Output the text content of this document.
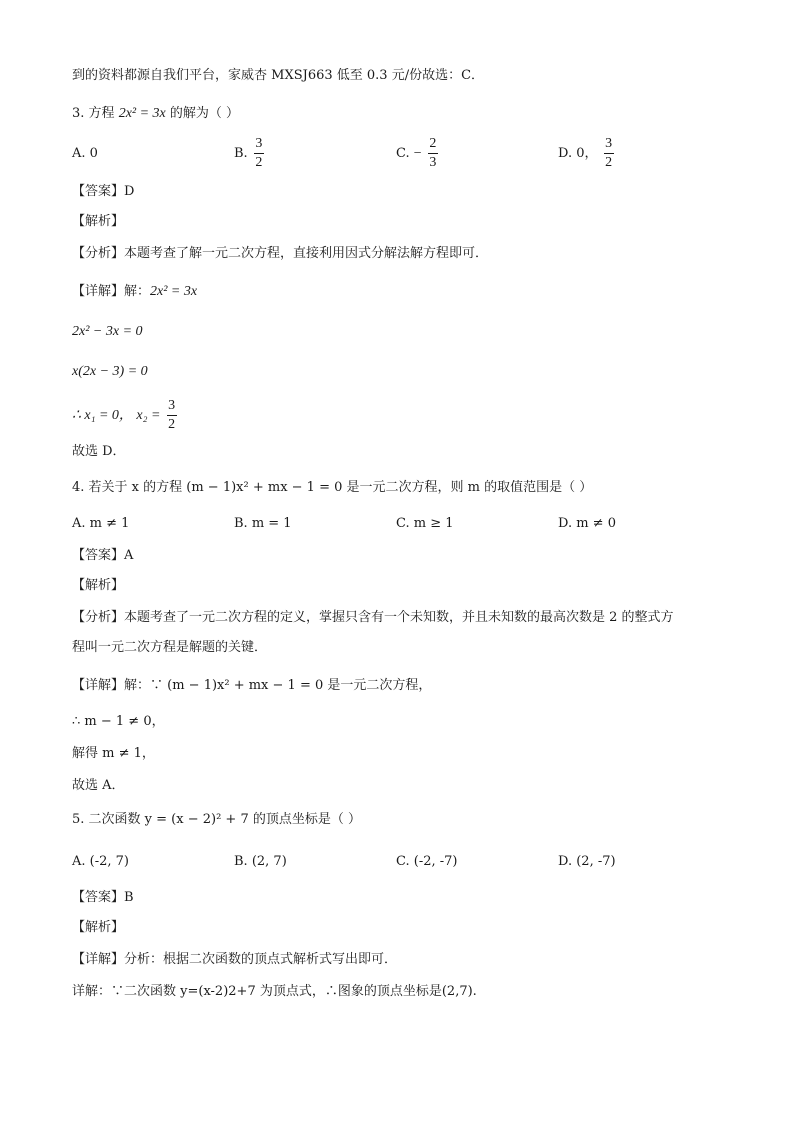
到的资料都源自我们平台，家威杏 MXSJ663 低至 0.3 元/份故选：C．
3. 方程 2x² = 3x 的解为（ ）
A. 0	B. $\frac{3}{2}$	C. − $\frac{2}{3}$	D. 0， $\frac{3}{2}$
【答案】D
【解析】
【分析】本题考查了解一元二次方程，直接利用因式分解法解方程即可．
【详解】解：2x² = 3x
2x² − 3x = 0
x(2x − 3) = 0
∴ x₁ = 0， $x_2 = \frac{3}{2}$
故选 D．
4. 若关于 x 的方程 (m − 1)x² + mx − 1 = 0 是一元二次方程，则 m 的取值范围是（ ）
A. m ≠ 1	B. m = 1	C. m ≥ 1	D. m ≠ 0
【答案】A
【解析】
【分析】本题考查了一元二次方程的定义，掌握只含有一个未知数，并且未知数的最高次数是 2 的整式方
程叫一元二次方程是解题的关键．
【详解】解：∵ (m − 1)x² + mx − 1 = 0 是一元二次方程，
∴ m − 1 ≠ 0，
解得 m ≠ 1，
故选 A．
5. 二次函数 y = (x − 2)² + 7 的顶点坐标是（ ）
A. (-2, 7)	B. (2, 7)	C. (-2, -7)	D. (2, -7)
【答案】B
【解析】
【详解】分析：根据二次函数的顶点式解析式写出即可．
详解：∵二次函数 y=(x-2)2+7 为顶点式，∴图象的顶点坐标是(2,7).
